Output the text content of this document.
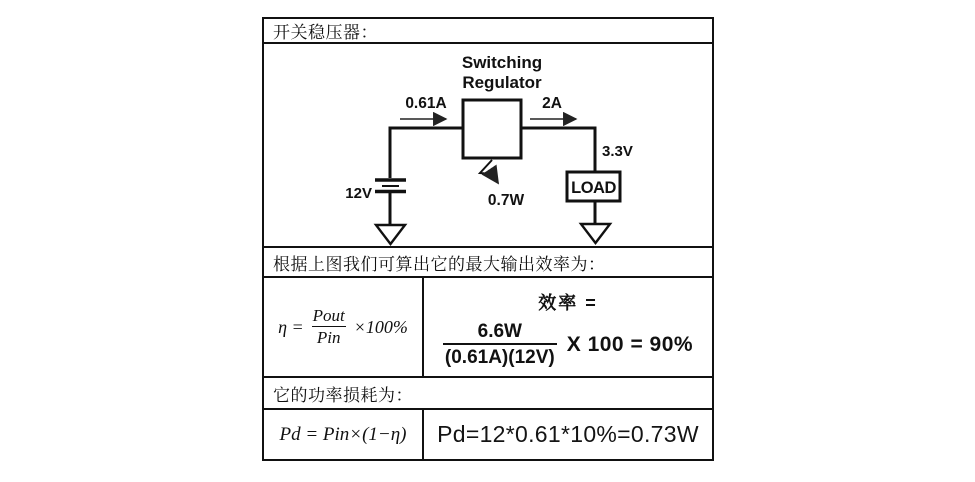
开关稳压器：
Switching
Regulator
12V
0.61A	2A
3.3V
LOAD
0.7W
根据上图我们可算出它的最大输出效率为：
$\eta = \frac{\text{Pout}}{\text{Pin}} \times 100\%$
效率 =
$\frac{6.6W}{(0.61A)(12V)}$ X 100 = 90%
它的功率损耗为：
Pd = Pin×(1−η) Pd=12*0.61*10%=0.73W
